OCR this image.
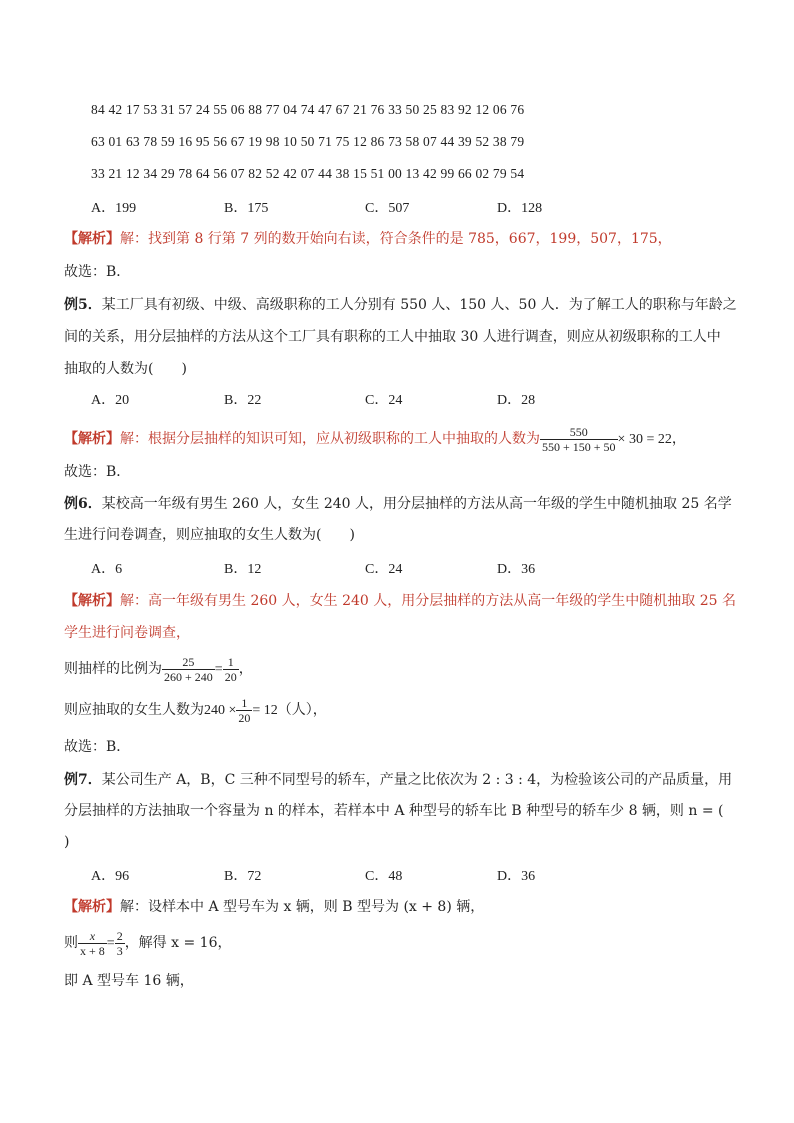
84 42 17 53 31 57 24 55 06 88 77 04 74 47 67 21 76 33 50 25 83 92 12 06 76
63 01 63 78 59 16 95 56 67 19 98 10 50 71 75 12 86 73 58 07 44 39 52 38 79
33 21 12 34 29 78 64 56 07 82 52 42 07 44 38 15 51 00 13 42 99 66 02 79 54
A．199	B．175	C．507	D．128
【解析】解：找到第 8 行第 7 列的数开始向右读，符合条件的是 785，667，199，507，175，
故选：B．
例5．某工厂具有初级、中级、高级职称的工人分别有 550 人、150 人、50 人．为了解工人的职称与年龄之
间的关系，用分层抽样的方法从这个工厂具有职称的工人中抽取 30 人进行调查，则应从初级职称的工人中
抽取的人数为(　　)
A．20	B．22	C．24	D．28
【解析】解：根据分层抽样的知识可知，应从初级职称的工人中抽取的人数为 $\frac{550}{550 + 150 + 50} \times 30 = 22$，
故选：B．
例6．某校高一年级有男生 260 人，女生 240 人，用分层抽样的方法从高一年级的学生中随机抽取 25 名学
生进行问卷调查，则应抽取的女生人数为(　　)
A．6	B．12	C．24	D．36
【解析】解：高一年级有男生 260 人，女生 240 人，用分层抽样的方法从高一年级的学生中随机抽取 25 名
学生进行问卷调查，
则抽样的比例为 $\frac{25}{260 + 240} = \frac{1}{20}$ ，
则应抽取的女生人数为$240 \times \frac{1}{20} = 12$（人），
故选：B．
例7．某公司生产 A，B，C 三种不同型号的轿车，产量之比依次为 2 : 3 : 4，为检验该公司的产品质量，用
分层抽样的方法抽取一个容量为 n 的样本，若样本中 A 种型号的轿车比 B 种型号的轿车少 8 辆，则 n = (
)
A．96	B．72	C．48	D．36
【解析】解：设样本中 A 型号车为 x 辆，则 B 型号为 (x + 8) 辆，
则 $\frac{x}{x + 8} = \frac{2}{3}$ ，解得 x = 16，
即 A 型号车 16 辆，
